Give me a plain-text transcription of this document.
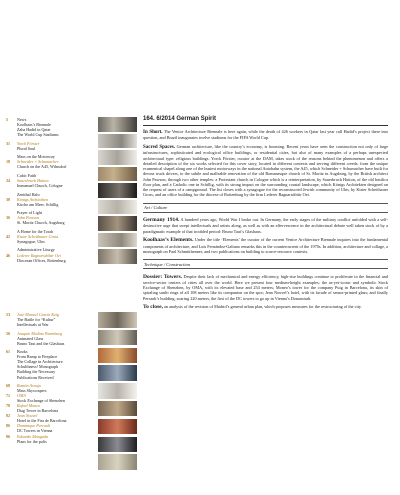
5	News
Koolhaas’s Biennale
Zaha Hadid in Qatar
The World Cup Stadiums
31	Yorck Förster
Plural Soul
Mass on the Motorway
18	Schneider + Schumacher
Church on the A45, Wilnsdorf
Cubic Faith
24	Sauerbruch Hutton
Immanuel Church, Cologne
Zenithal Halo
30	Königs Architekten
Kirche am Meer, Schillig
Prayer of Light
36	John Pawson
St. Moritz Church, Augsburg
A Home for the Torah
42	Kister Scheithauer Gross
Synagogue, Ulm
Administrative Liturgy
46	Lederer Ragnarsdóttir Oei
Diocesan Offices, Rottenburg
53	José Manuel García Roig
The Battle for “Kultur”
Intellectuals at War
56	Joaquín Medina Warmburg
Animated Glass
Bruno Taut and the Glashaus
61	Books
From Ramp to Fireplace
The Collage in Architecture
Schulthness! Monograph
Building the Necessary
Publications Received
68	Ramón Araujo
Mass Skyscrapers
71	OMA
Stock Exchange of Shenzhen
78	Rafael Moneo
Diag Tower in Barcelona
82	Jean Nouvel
Hotel in the Fira de Barcelona
86	Dominique Perrault
DC Towers in Vienna
96	Eduardo Mangada
Plans for the polis
164. 6/2014 German Spirit

In Short. The Venice Architecture Biennale is here again, while the death of 426 workers in Qatar last year call Hadid’s project there into question, and Brazil inaugurates twelve stadiums for the FIFA World Cup.

Sacred Spaces. German architecture, like the country’s economy, is booming. Recent years have seen the construction not only of large infrastructures, sophisticated and ecological office buildings, or residential cities, but also of many examples of a perhaps unexpected architectural type: religious buildings. Yorck Förster, curator at the DAM, takes stock of the reasons behind the phenomenon and offers a detailed description of the six works selected for this cover story, located in different contexts and serving different creeds: from the unique ecumenical chapel along one of the busiest motorways in the national Autobahn system, the A45, which Schneider + Schumacher have built for devout truck drivers, to the subtle and malleable renovation of the old Romanesque church of St. Moritz in Augsburg, by the British architect John Pawson, through two other temples: a Protestant church in Cologne which is a reinterpretation, by Sauerbruch Hutton, of the old basilica floor plan, and a Catholic one in Schillig, with its strong impact on the surrounding coastal landscape, which Königs Architekten designed on the request of users of a campground. The list closes with a synagogue for the reconstructed Jewish community of Ulm, by Kister Scheithauer Gross, and an office building for the diocese of Rottenburg by the firm Lederer Ragnarsdóttir Oei.

Art / Culture

Germany 1914. A hundred years ago, World War I broke out. In Germany, the early stages of the military conflict unfolded with a self-destructive urge that swept intellectuals and artists along, as well as with an effervescence in the architectural debate well taken stock of by a paradigmatic example of that troubled period: Bruno Taut’s Glashaus.

Koolhaas’s Elements. Under the title ‘Elements’ the curator of the current Venice Architecture Biennale inquires into the fundamental components of architecture, and Luis Fernández-Galiano remarks this in the countercurrent of the 1970s. In addition, architecture and collage, a monograph on Paul Schmitthenner, and two publications on building to scarce-resource contexts.

Technique / Construction

Dossier: Towers. Despite their lack of mechanical and energy efficiency, high-rise buildings continue to proliferate in the financial and service-sector centers of cities all over the world. Here we present four medium-height examples: the as-yet-iconic and symbolic Stock Exchange of Shenzhen, by OMA, with its elevated base and 254 meters; Moneo’s tower for the company Puig in Barcelona, its skin of spiraling sunlit rings of all 108 meters like its companion on the spot; Jean Nouvel’s hotel, with its facade of sensor-printed glass; and finally Perrault’s building, soaring 220 meters, the first of the DC towers to go up in Vienna’s Donaustadt.

To close, an analysis of the revision of Madrid’s general urban plan, which proposes measures for the restructuring of the city.
